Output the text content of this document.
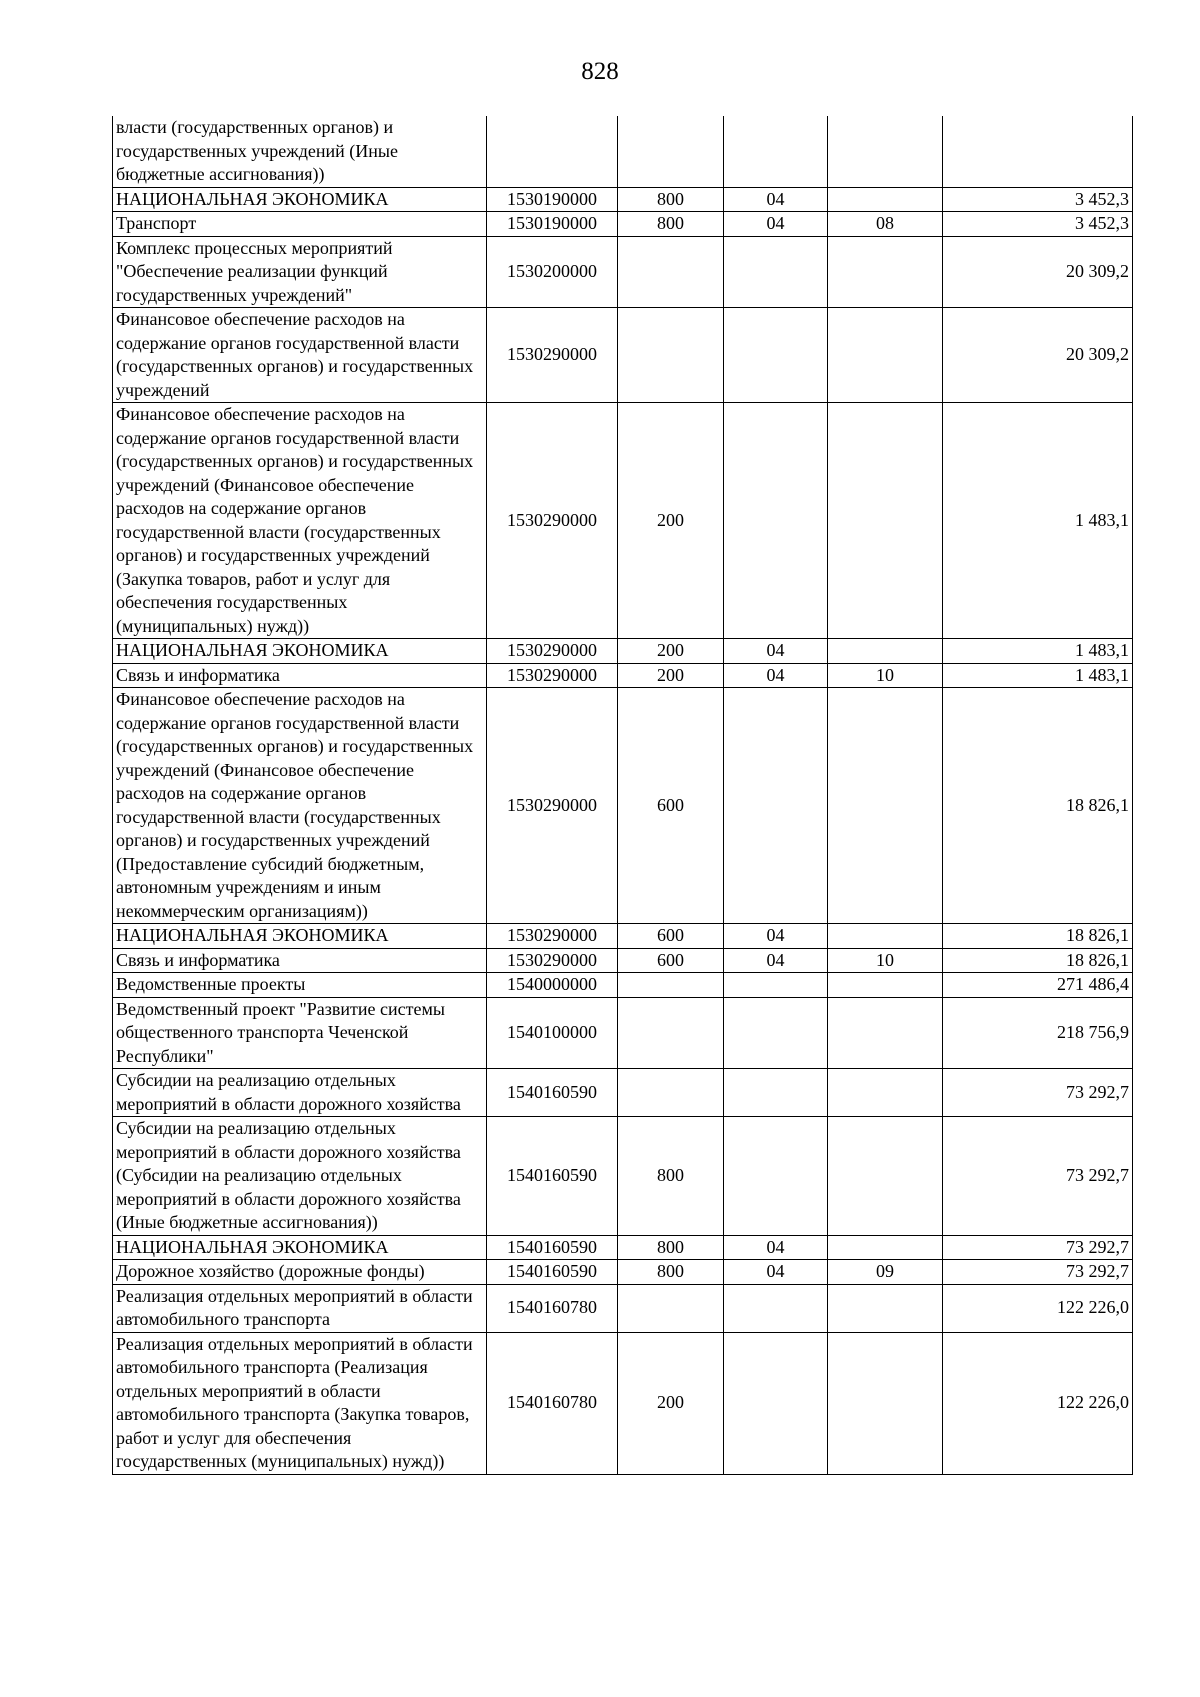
828
власти (государственных органов) и государственных учреждений (Иные бюджетные ассигнования))					
НАЦИОНАЛЬНАЯ ЭКОНОМИКА	1530190000	800	04		3 452,3
Транспорт	1530190000	800	04	08	3 452,3
Комплекс процессных мероприятий "Обеспечение реализации функций государственных учреждений"	1530200000				20 309,2
Финансовое обеспечение расходов на содержание органов государственной власти (государственных органов) и государственных учреждений	1530290000				20 309,2
Финансовое обеспечение расходов на содержание органов государственной власти (государственных органов) и государственных учреждений (Финансовое обеспечение расходов на содержание органов государственной власти (государственных органов) и государственных учреждений (Закупка товаров, работ и услуг для обеспечения государственных (муниципальных) нужд))	1530290000	200			1 483,1
НАЦИОНАЛЬНАЯ ЭКОНОМИКА	1530290000	200	04		1 483,1
Связь и информатика	1530290000	200	04	10	1 483,1
Финансовое обеспечение расходов на содержание органов государственной власти (государственных органов) и государственных учреждений (Финансовое обеспечение расходов на содержание органов государственной власти (государственных органов) и государственных учреждений (Предоставление субсидий бюджетным, автономным учреждениям и иным некоммерческим организациям))	1530290000	600			18 826,1
НАЦИОНАЛЬНАЯ ЭКОНОМИКА	1530290000	600	04		18 826,1
Связь и информатика	1530290000	600	04	10	18 826,1
Ведомственные проекты	1540000000				271 486,4
Ведомственный проект "Развитие системы общественного транспорта Чеченской Республики"	1540100000				218 756,9
Субсидии на реализацию отдельных мероприятий в области дорожного хозяйства	1540160590				73 292,7
Субсидии на реализацию отдельных мероприятий в области дорожного хозяйства (Субсидии на реализацию отдельных мероприятий в области дорожного хозяйства (Иные бюджетные ассигнования))	1540160590	800			73 292,7
НАЦИОНАЛЬНАЯ ЭКОНОМИКА	1540160590	800	04		73 292,7
Дорожное хозяйство (дорожные фонды)	1540160590	800	04	09	73 292,7
Реализация отдельных мероприятий в области автомобильного транспорта	1540160780				122 226,0
Реализация отдельных мероприятий в области автомобильного транспорта (Реализация отдельных мероприятий в области автомобильного транспорта (Закупка товаров, работ и услуг для обеспечения государственных (муниципальных) нужд))	1540160780	200			122 226,0
